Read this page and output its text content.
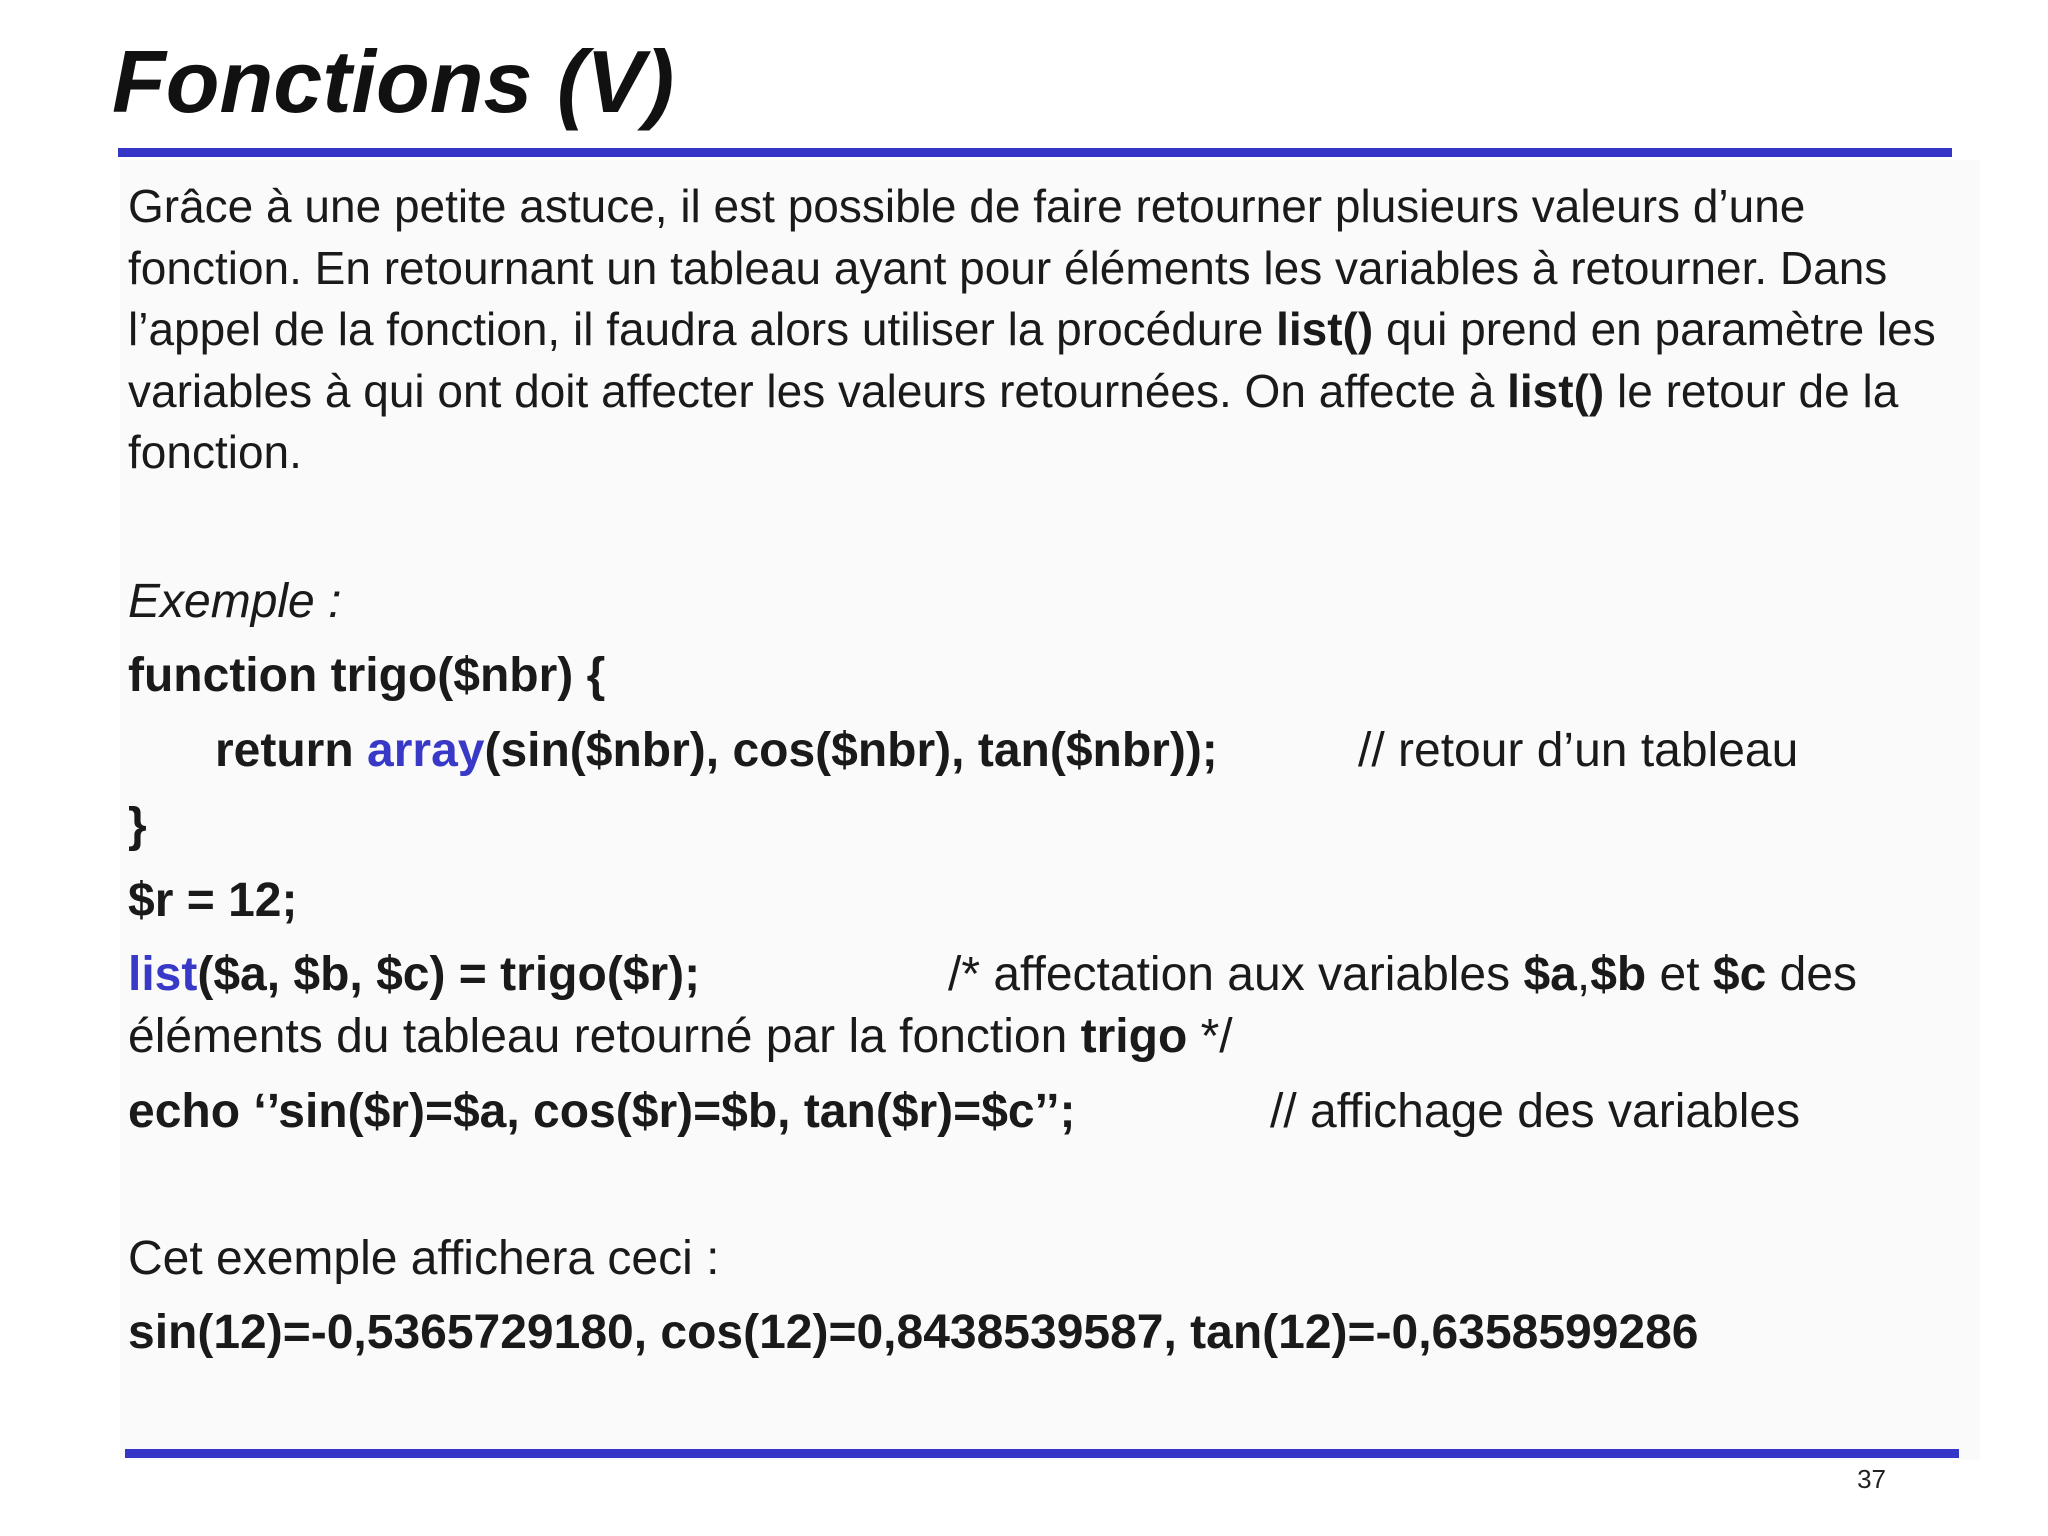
Fonctions (V)

Grâce à une petite astuce, il est possible de faire retourner plusieurs valeurs d’une fonction. En retournant un tableau ayant pour éléments les variables à retourner. Dans l’appel de la fonction, il faudra alors utiliser la procédure list() qui prend en paramètre les variables à qui ont doit affecter les valeurs retournées. On affecte à list() le retour de la fonction.

Exemple :
function trigo($nbr) {
return array(sin($nbr), cos($nbr), tan($nbr));	// retour d’un tableau
}
$r = 12;
list($a, $b, $c) = trigo($r);	/* affectation aux variables $a,$b et $c des
éléments du tableau retourné par la fonction trigo */
echo ‘’sin($r)=$a, cos($r)=$b, tan($r)=$c’’;	// affichage des variables
Cet exemple affichera ceci :
sin(12)=-0,5365729180, cos(12)=0,8438539587, tan(12)=-0,6358599286
37
